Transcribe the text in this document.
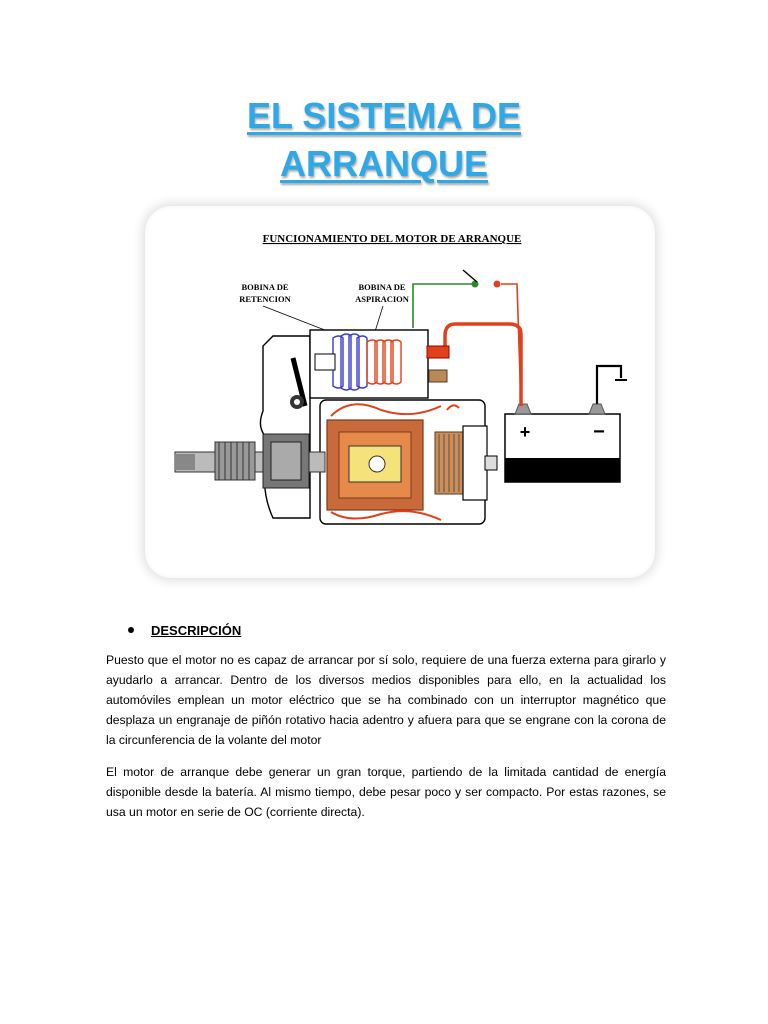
EL SISTEMA DE
ARRANQUE
FUNCIONAMIENTO DEL MOTOR DE ARRANQUE
BOBINA DE
RETENCION
BOBINA DE
ASPIRACION
+	−
DESCRIPCIÓN

Puesto que el motor no es capaz de arrancar por sí solo, requiere de una fuerza externa para girarlo y ayudarlo a arrancar. Dentro de los diversos medios disponibles para ello, en la actualidad los automóviles emplean un motor eléctrico que se ha combinado con un interruptor magnético que desplaza un engranaje de piñón rotativo hacia adentro y afuera para que se engrane con la corona de la circunferencia de la volante del motor

El motor de arranque debe generar un gran torque, partiendo de la limitada cantidad de energía disponible desde la batería. Al mismo tiempo, debe pesar poco y ser compacto. Por estas razones, se usa un motor en serie de OC (corriente directa).
